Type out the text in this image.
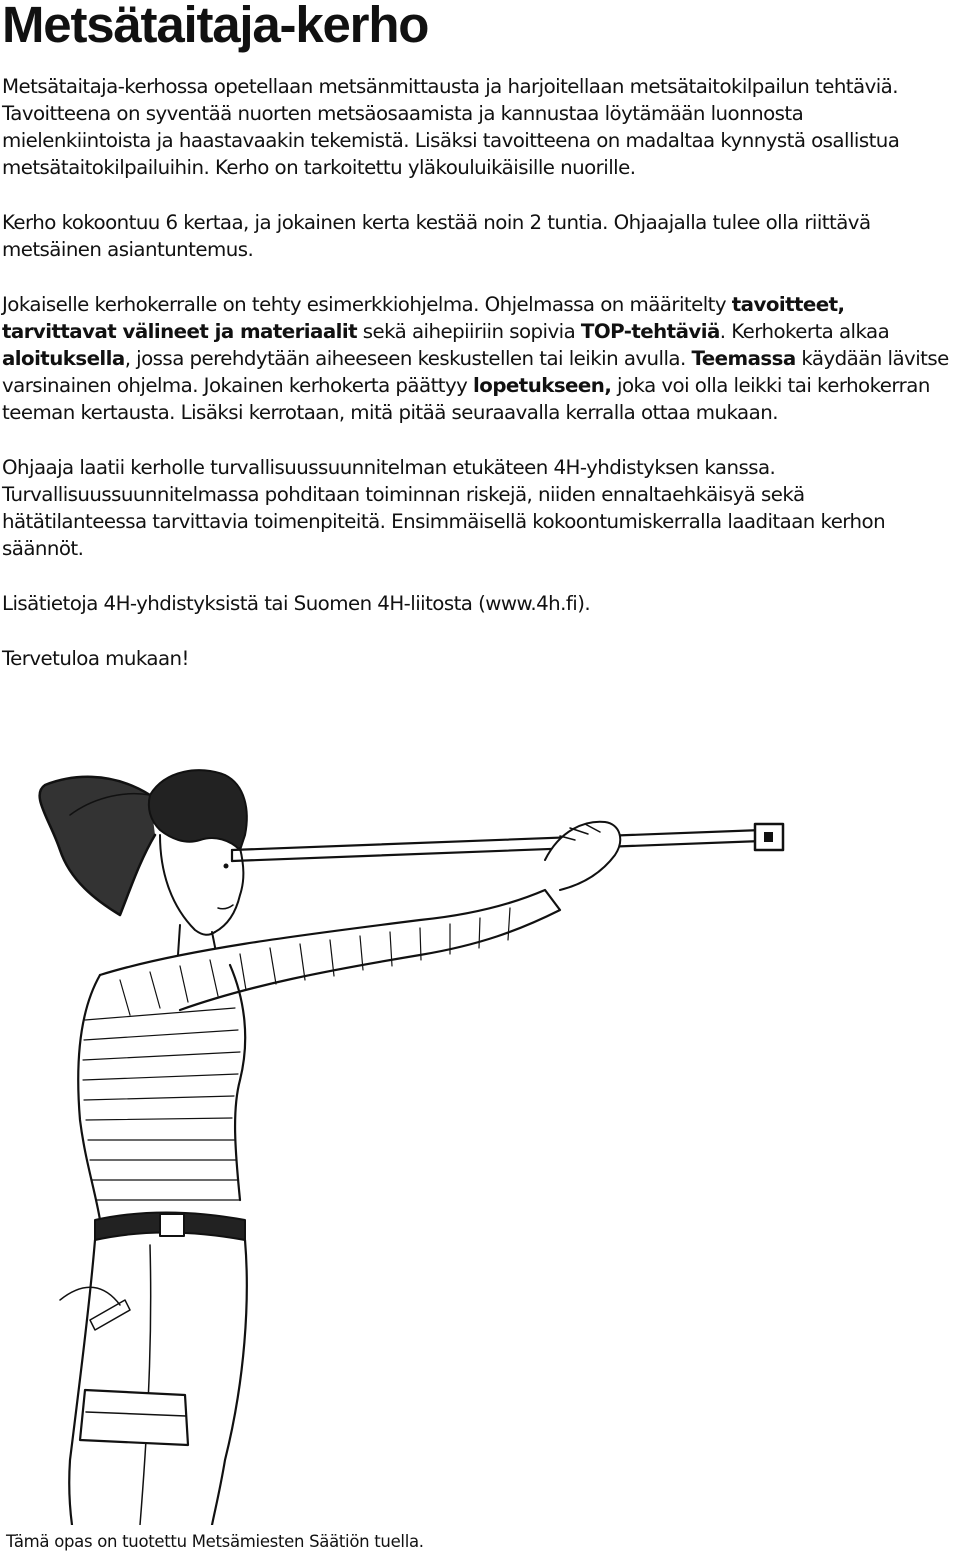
Metsätaitaja-kerho

Metsätaitaja-kerhossa opetellaan metsänmittausta ja harjoitellaan metsätaitokilpailun tehtäviä. Tavoitteena on syventää nuorten metsäosaamista ja kannustaa löytämään luonnosta mielenkiintoista ja haastavaakin tekemistä. Lisäksi tavoitteena on madaltaa kynnystä osallistua metsätaitokilpailuihin. Kerho on tarkoitettu yläkouluikäisille nuorille.

Kerho kokoontuu 6 kertaa, ja jokainen kerta kestää noin 2 tuntia. Ohjaajalla tulee olla riittävä metsäinen asiantuntemus.

Jokaiselle kerhokerralle on tehty esimerkkiohjelma. Ohjelmassa on määritelty tavoitteet, tarvittavat välineet ja materiaalit sekä aihepiiriin sopivia TOP-tehtäviä. Kerhokerta alkaa aloituksella, jossa perehdytään aiheeseen keskustellen tai leikin avulla. Teemassa käydään lävitse varsinainen ohjelma. Jokainen kerhokerta päättyy lopetukseen, joka voi olla leikki tai kerhokerran teeman kertausta. Lisäksi kerrotaan, mitä pitää seuraavalla kerralla ottaa mukaan.

Ohjaaja laatii kerholle turvallisuussuunnitelman etukäteen 4H-yhdistyksen kanssa. Turvallisuussuunnitelmassa pohditaan toiminnan riskejä, niiden ennaltaehkäisyä sekä hätätilanteessa tarvittavia toimenpiteitä. Ensimmäisellä kokoontumiskerralla laaditaan kerhon säännöt.

Lisätietoja 4H-yhdistyksistä tai Suomen 4H-liitosta (www.4h.fi).

Tervetuloa mukaan!

Tämä opas on tuotettu Metsämiesten Säätiön tuella.
